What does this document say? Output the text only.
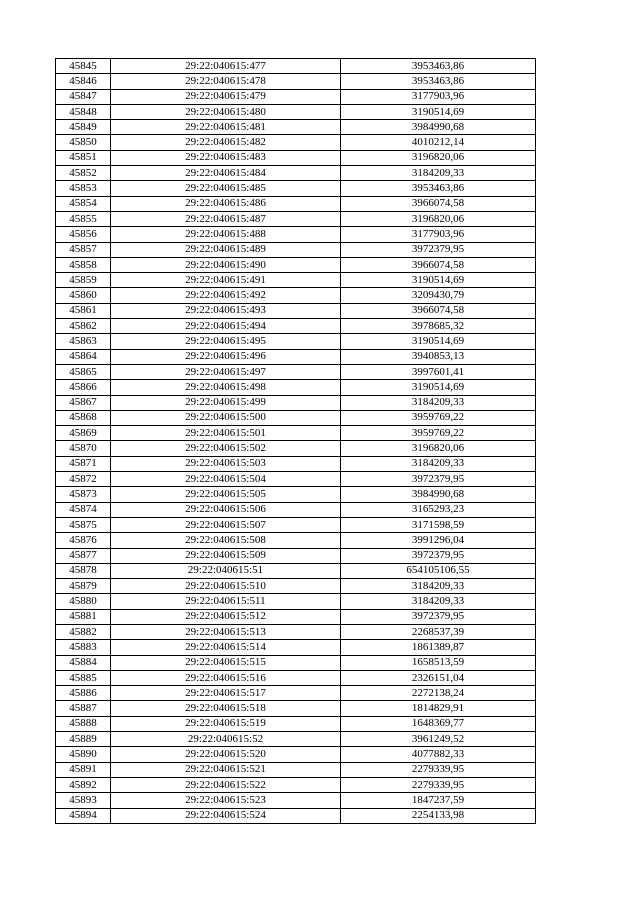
45845	29:22:040615:477	3953463,86
45846	29:22:040615:478	3953463,86
45847	29:22:040615:479	3177903,96
45848	29:22:040615:480	3190514,69
45849	29:22:040615:481	3984990,68
45850	29:22:040615:482	4010212,14
45851	29:22:040615:483	3196820,06
45852	29:22:040615:484	3184209,33
45853	29:22:040615:485	3953463,86
45854	29:22:040615:486	3966074,58
45855	29:22:040615:487	3196820,06
45856	29:22:040615:488	3177903,96
45857	29:22:040615:489	3972379,95
45858	29:22:040615:490	3966074,58
45859	29:22:040615:491	3190514,69
45860	29:22:040615:492	3209430,79
45861	29:22:040615:493	3966074,58
45862	29:22:040615:494	3978685,32
45863	29:22:040615:495	3190514,69
45864	29:22:040615:496	3940853,13
45865	29:22:040615:497	3997601,41
45866	29:22:040615:498	3190514,69
45867	29:22:040615:499	3184209,33
45868	29:22:040615:500	3959769,22
45869	29:22:040615:501	3959769,22
45870	29:22:040615:502	3196820,06
45871	29:22:040615:503	3184209,33
45872	29:22:040615:504	3972379,95
45873	29:22:040615:505	3984990,68
45874	29:22:040615:506	3165293,23
45875	29:22:040615:507	3171598,59
45876	29:22:040615:508	3991296,04
45877	29:22:040615:509	3972379,95
45878	29:22:040615:51	654105106,55
45879	29:22:040615:510	3184209,33
45880	29:22:040615:511	3184209,33
45881	29:22:040615:512	3972379,95
45882	29:22:040615:513	2268537,39
45883	29:22:040615:514	1861389,87
45884	29:22:040615:515	1658513,59
45885	29:22:040615:516	2326151,04
45886	29:22:040615:517	2272138,24
45887	29:22:040615:518	1814829,91
45888	29:22:040615:519	1648369,77
45889	29:22:040615:52	3961249,52
45890	29:22:040615:520	4077882,33
45891	29:22:040615:521	2279339,95
45892	29:22:040615:522	2279339,95
45893	29:22:040615:523	1847237,59
45894	29:22:040615:524	2254133,98
